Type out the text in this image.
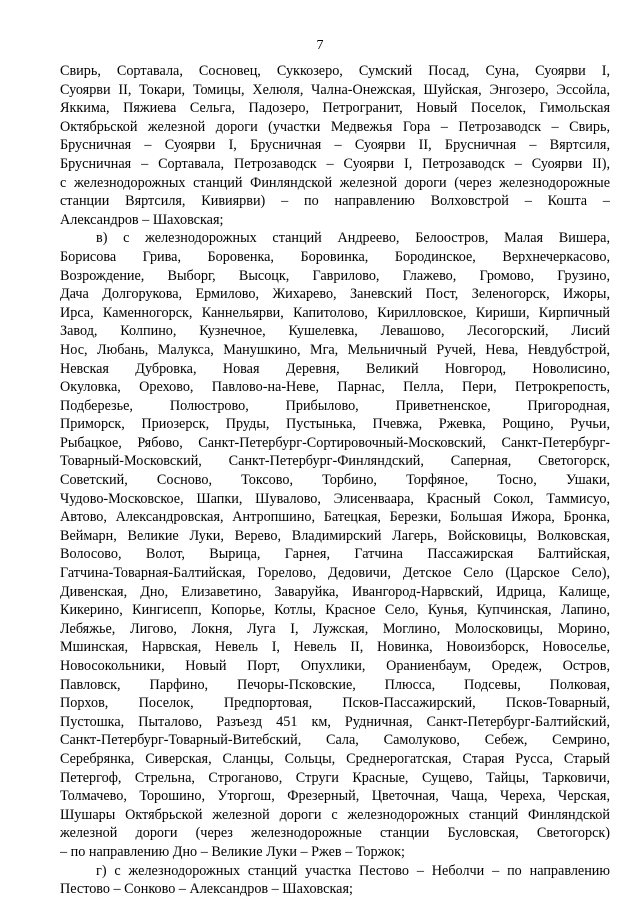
7
Свирь, Сортавала, Сосновец, Суккозеро, Сумский Посад, Суна, Суоярви I,
Суоярви II, Токари, Томицы, Хелюля, Чална-Онежская, Шуйская, Энгозеро, Эссойла,
Яккима, Пяжиева Сельга, Падозеро, Петрогранит, Новый Поселок, Гимольская
Октябрьской железной дороги (участки Медвежья Гора – Петрозаводск – Свирь,
Брусничная – Суоярви I, Брусничная – Суоярви II, Брусничная – Вяртсиля,
Брусничная – Сортавала, Петрозаводск – Суоярви I, Петрозаводск – Суоярви II),
с железнодорожных станций Финляндской железной дороги (через железнодорожные
станции Вяртсиля, Кивиярви) – по направлению Волховстрой – Кошта –
Александров – Шаховская;
в) с железнодорожных станций Андреево, Белоостров, Малая Вишера,
Борисова Грива, Боровенка, Боровинка, Бородинское, Верхнечеркасово,
Возрождение, Выборг, Высоцк, Гаврилово, Глажево, Громово, Грузино,
Дача Долгорукова, Ермилово, Жихарево, Заневский Пост, Зеленогорск, Ижоры,
Ирса, Каменногорск, Каннельярви, Капитолово, Кирилловское, Кириши, Кирпичный
Завод, Колпино, Кузнечное, Кушелевка, Левашово, Лесогорский, Лисий
Нос, Любань, Малукса, Манушкино, Мга, Мельничный Ручей, Нева, Невдубстрой,
Невская Дубровка, Новая Деревня, Великий Новгород, Новолисино,
Окуловка, Орехово, Павлово-на-Неве, Парнас, Пелла, Пери, Петрокрепость,
Подберезье, Полюстрово, Прибылово, Приветненское, Пригородная,
Приморск, Приозерск, Пруды, Пустынька, Пчевжа, Ржевка, Рощино, Ручьи,
Рыбацкое, Рябово, Санкт-Петербург-Сортировочный-Московский, Санкт-Петербург-
Товарный-Московский, Санкт-Петербург-Финляндский, Саперная, Светогорск,
Советский, Сосново, Токсово, Торбино, Торфяное, Тосно, Ушаки,
Чудово-Московское, Шапки, Шувалово, Элисенваара, Красный Сокол, Таммисуо,
Автово, Александровская, Антропшино, Батецкая, Березки, Большая Ижора, Бронка,
Веймарн, Великие Луки, Верево, Владимирский Лагерь, Войсковицы, Волковская,
Волосово, Волот, Вырица, Гарнея, Гатчина Пассажирская Балтийская,
Гатчина-Товарная-Балтийская, Горелово, Дедовичи, Детское Село (Царское Село),
Дивенская, Дно, Елизаветино, Заваруйка, Ивангород-Нарвский, Идрица, Калище,
Кикерино, Кингисепп, Копорье, Котлы, Красное Село, Кунья, Купчинская, Лапино,
Лебяжье, Лигово, Локня, Луга I, Лужская, Моглино, Молосковицы, Морино,
Мшинская, Нарвская, Невель I, Невель II, Новинка, Новоизборск, Новоселье,
Новосокольники, Новый Порт, Опухлики, Ораниенбаум, Оредеж, Остров,
Павловск, Парфино, Печоры-Псковские, Плюсса, Подсевы, Полковая,
Порхов, Поселок, Предпортовая, Псков-Пассажирский, Псков-Товарный,
Пустошка, Пыталово, Разъезд 451 км, Рудничная, Санкт-Петербург-Балтийский,
Санкт-Петербург-Товарный-Витебский, Сала, Самолуково, Себеж, Семрино,
Серебрянка, Сиверская, Сланцы, Сольцы, Среднерогатская, Старая Русса, Старый
Петергоф, Стрельна, Строганово, Струги Красные, Сущево, Тайцы, Тарковичи,
Толмачево, Торошино, Уторгош, Фрезерный, Цветочная, Чаща, Череха, Черская,
Шушары Октябрьской железной дороги с железнодорожных станций Финляндской
железной дороги (через железнодорожные станции Бусловская, Светогорск)
– по направлению Дно – Великие Луки – Ржев – Торжок;
г) с железнодорожных станций участка Пестово – Неболчи – по направлению
Пестово – Сонково – Александров – Шаховская;
